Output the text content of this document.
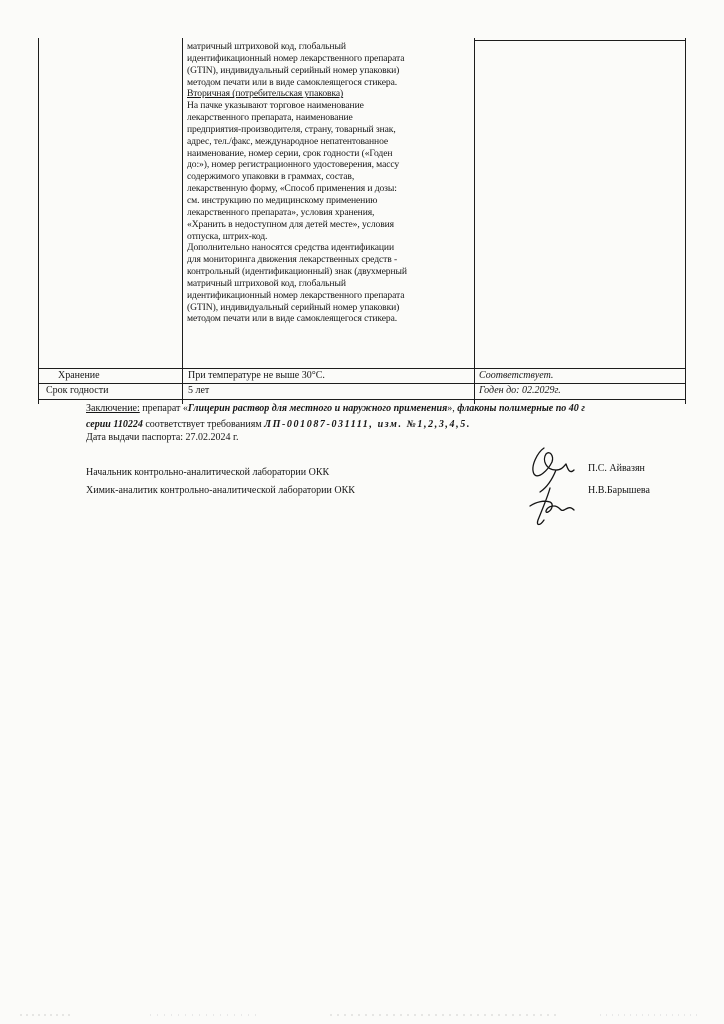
матричный штриховой код, глобальный
идентификационный номер лекарственного препарата
(GTIN), индивидуальный серийный номер упаковки)
методом печати или в виде самоклеящегося стикера.
Вторичная (потребительская упаковка)
На пачке указывают торговое наименование
лекарственного препарата, наименование
предприятия-производителя, страну, товарный знак,
адрес, тел./факс, международное непатентованное
наименование, номер серии, срок годности («Годен
до:»), номер регистрационного удостоверения, массу
содержимого упаковки в граммах, состав,
лекарственную форму, «Способ применения и дозы:
см. инструкцию по медицинскому применению
лекарственного препарата», условия хранения,
«Хранить в недоступном для детей месте», условия
отпуска, штрих-код.
Дополнительно наносятся средства идентификации
для мониторинга движения лекарственных средств -
контрольный (идентификационный) знак (двухмерный
матричный штриховой код, глобальный
идентификационный номер лекарственного препарата
(GTIN), индивидуальный серийный номер упаковки)
методом печати или в виде самоклеящегося стикера.
Хранение	При температуре не выше 30°С.	Соответствует.
Срок годности	5 лет	Годен до: 02.2029г.
Заключение: препарат «Глицерин раствор для местного и наружного применения», флаконы полимерные по 40 г
серии 110224 соответствует требованиям ЛП-001087-031111, изм. №1,2,3,4,5.
Дата выдачи паспорта: 27.02.2024 г.
Начальник контрольно-аналитической лаборатории ОКК
Химик-аналитик контрольно-аналитической лаборатории ОКК
П.С. Айвазян
Н.В.Барышева
